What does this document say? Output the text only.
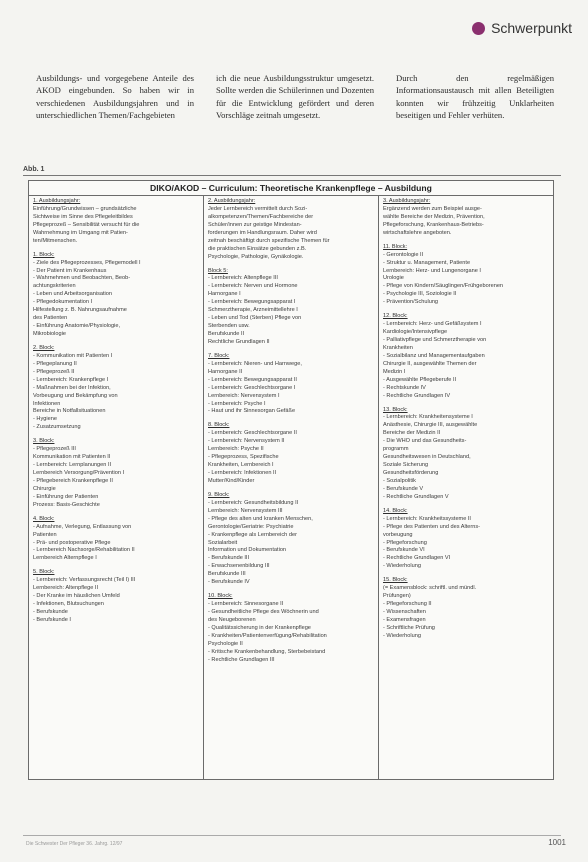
Schwerpunkt

Ausbildungs- und vorgegebene Anteile des AKOD eingebunden. So haben wir in verschiedenen Ausbildungsjahren und in unterschiedlichen Themen/Fachgebieten

ich die neue Ausbildungsstruktur umgesetzt. Sollte werden die Schülerinnen und Dozenten für die Entwicklung gefördert und deren Vorschläge zeitnah umgesetzt.

Durch den regelmäßigen Informationsaustausch mit allen Beteiligten konnten wir frühzeitig Unklarheiten beseitigen und Fehler verhüten.

Abb. 1
DIKO/AKOD – Curriculum: Theoretische Krankenpflege – Ausbildung
1. Ausbildungsjahr:
Einführung/Grundwissen – grundsätzliche
Sichtweise im Sinne des Pflegeleitbildes
Pflegeprozeß – Sensibilität versucht für die
Wahrnehmung im Umgang mit Patien-
ten/Mitmenschen.
1. Block:
- Ziele des Pflegeprozesses, Pflegemodell I
- Der Patient im Krankenhaus
- Wahrnehmen und Beobachten, Beob-
achtungskriterien
- Leben und Arbeitsorganisation
- Pflegedokumentation I
Hilfestellung z. B. Nahrungsaufnahme
des Patienten
- Einführung Anatomie/Physiologie,
Mikrobiologie
2. Block:
- Kommunikation mit Patienten I
- Pflegeplanung II
- Pflegeprozeß II
- Lernbereich: Krankenpflege I
- Maßnahmen bei der Infektion,
Vorbeugung und Bekämpfung von
Infektionen
Bereiche in Notfallsituationen
- Hygiene
- Zusatzumsetzung
3. Block:
- Pflegeprozeß III
Kommunikation mit Patienten II
- Lernbereich: Lernplanungen II
Lernbereich Versorgung/Prävention I
- Pflegebereich Krankenpflege II
Chirurgie
- Einführung der Patienten
Prozess: Basis-Geschichte
4. Block:
- Aufnahme, Verlegung, Entlassung von
Patienten
- Prä- und postoperative Pflege
- Lernbereich Nachsorge/Rehabilitation II
Lernbereich Alternpflege I
5. Block:
- Lernbereich: Verfassungsrecht (Teil I) III
Lernbereich: Altenpflege II
- Der Kranke im häuslichen Umfeld
- Infektionen, Blutsuchungen
- Berufskunde
- Berufskunde I
2. Ausbildungsjahr:
Jeder Lernbereich vermittelt durch Sozi-
alkompetenzen/Themen/Fachbereiche der
Schüler/innen zur geistige Mindestan-
forderungen im Handlungsraum. Daher wird
zeitnah beschäftigt durch spezifische Themen für
die praktischen Einsätze gebunden z.B.
Psychologie, Pathologie, Gynäkologie.
Block 5:
- Lernbereich: Altenpflege III
- Lernbereich: Nerven und Hormone
Harnorgane I
- Lernbereich: Bewegungsapparat I
Schmerztherapie, Arzneimittellehre I
- Leben und Tod (Sterben) Pflege von
Sterbenden usw.
Berufskunde II
Rechtliche Grundlagen II
7. Block:
- Lernbereich: Nieren- und Harnwege,
Harnorgane II
- Lernbereich: Bewegungsapparat II
- Lernbereich: Geschlechtsorgane I
Lernbereich: Nervensystem I
- Lernbereich: Psyche I
- Haut und ihr Sinnesorgan Gefäße
8. Block:
- Lernbereich: Geschlechtsorgane II
- Lernbereich: Nervensystem II
Lernbereich: Psyche II
- Pflegeprozess, Spezifische
Krankheiten, Lernbereich I
- Lernbereich: Infektionen II
Mutter/Kind/Kinder
9. Block:
- Lernbereich: Gesundheitsbildung II
Lernbereich: Nervensystem III
- Pflege des alten und kranken Menschen,
Gerontologie/Geriatrie: Psychiatrie
- Krankenpflege als Lernbereich der
Sozialarbeit
Information und Dokumentation
- Berufskunde III
- Erwachsenenbildung III
Berufskunde III
- Berufskunde IV
10. Block:
- Lernbereich: Sinnesorgane II
- Gesundheitliche Pflege des Wöchnerin und
des Neugeborenen
- Qualitätssicherung in der Krankenpflege
- Krankheiten/Patientenverfügung/Rehabilitation
Psychologie II
- Kritische Krankenbehandlung, Sterbebeistand
- Rechtliche Grundlagen III
3. Ausbildungsjahr:
Ergänzend werden zum Beispiel ausge-
wählte Bereiche der Medizin, Prävention,
Pflegeforschung, Krankenhaus-Betriebs-
wirtschaftslehre angeboten.
11. Block:
- Gerontologie II
- Struktur u. Management, Patiente
Lernbereich: Herz- und Lungenorgane I
Urologie
- Pflege von Kindern/Säuglingen/Frühgeborenen
- Psychologie III, Soziologie II
- Prävention/Schulung
12. Block:
- Lernbereich: Herz- und Gefäßsystem I
Kardiologie/Intensivpflege
- Palliativpflege und Schmerztherapie von
Krankheiten
- Sozialbilanz und Managementaufgaben
Chirurgie II, ausgewählte Themen der
Medizin I
- Ausgewählte Pflegeberufe II
- Rechtskunde IV
- Rechtliche Grundlagen IV
13. Block:
- Lernbereich: Krankheitensysteme I
Anästhesie, Chirurgie III, ausgewählte
Bereiche der Medizin II
- Die WHO und das Gesundheits-
programm
Gesundheitswesen in Deutschland,
Soziale Sicherung
Gesundheitsförderung
- Sozialpolitik
- Berufskunde V
- Rechtliche Grundlagen V
14. Block:
- Lernbereich: Krankheitssysteme II
- Pflege des Patienten und des Alterns-
vorbeugung
- Pflegeforschung
- Berufskunde VI
- Rechtliche Grundlagen VI
- Wiederholung
15. Block:
(= Examensblock: schriftl. und mündl.
Prüfungen)
- Pflegeforschung II
- Wissenschaften
- Examensfragen
- Schriftliche Prüfung
- Wiederholung
Die Schwester Der Pfleger 36. Jahrg. 12/97	1001
